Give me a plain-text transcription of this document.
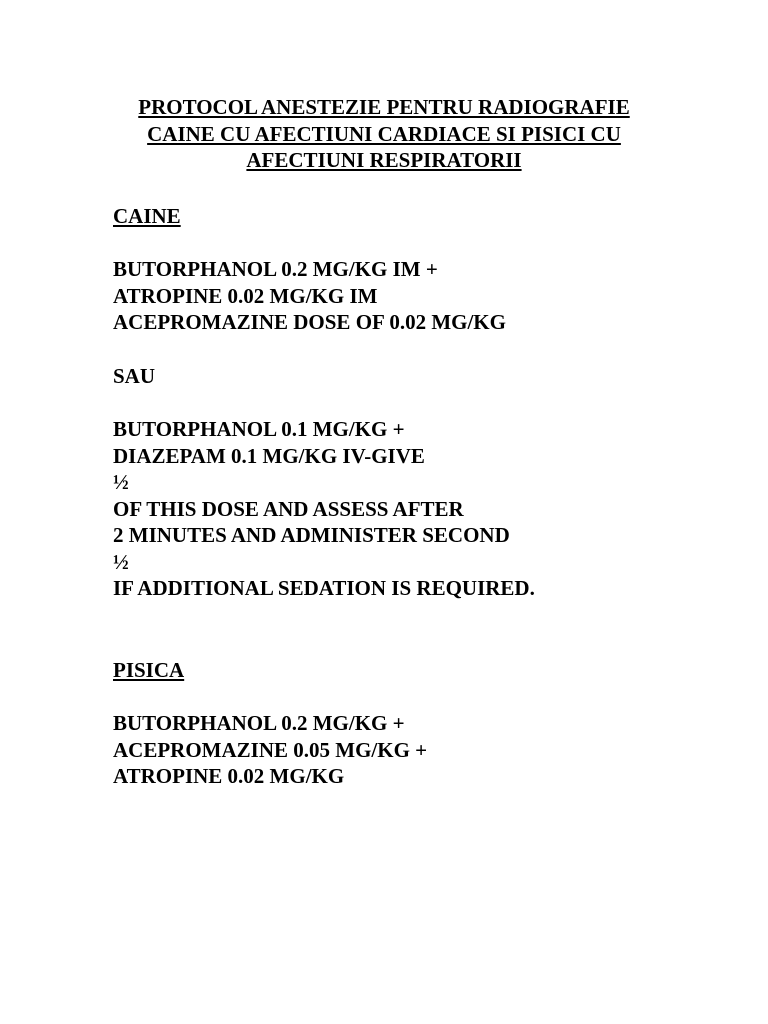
PROTOCOL ANESTEZIE PENTRU RADIOGRAFIE
CAINE CU AFECTIUNI CARDIACE SI PISICI CU
AFECTIUNI RESPIRATORII

CAINE

BUTORPHANOL 0.2 MG/KG IM +
ATROPINE 0.02 MG/KG IM
ACEPROMAZINE DOSE OF 0.02 MG/KG

SAU

BUTORPHANOL 0.1 MG/KG +
DIAZEPAM 0.1 MG/KG IV-GIVE
½
OF THIS DOSE AND ASSESS AFTER
2 MINUTES AND ADMINISTER SECOND
½
IF ADDITIONAL SEDATION IS REQUIRED.

PISICA

BUTORPHANOL 0.2 MG/KG +
ACEPROMAZINE 0.05 MG/KG +
ATROPINE 0.02 MG/KG
